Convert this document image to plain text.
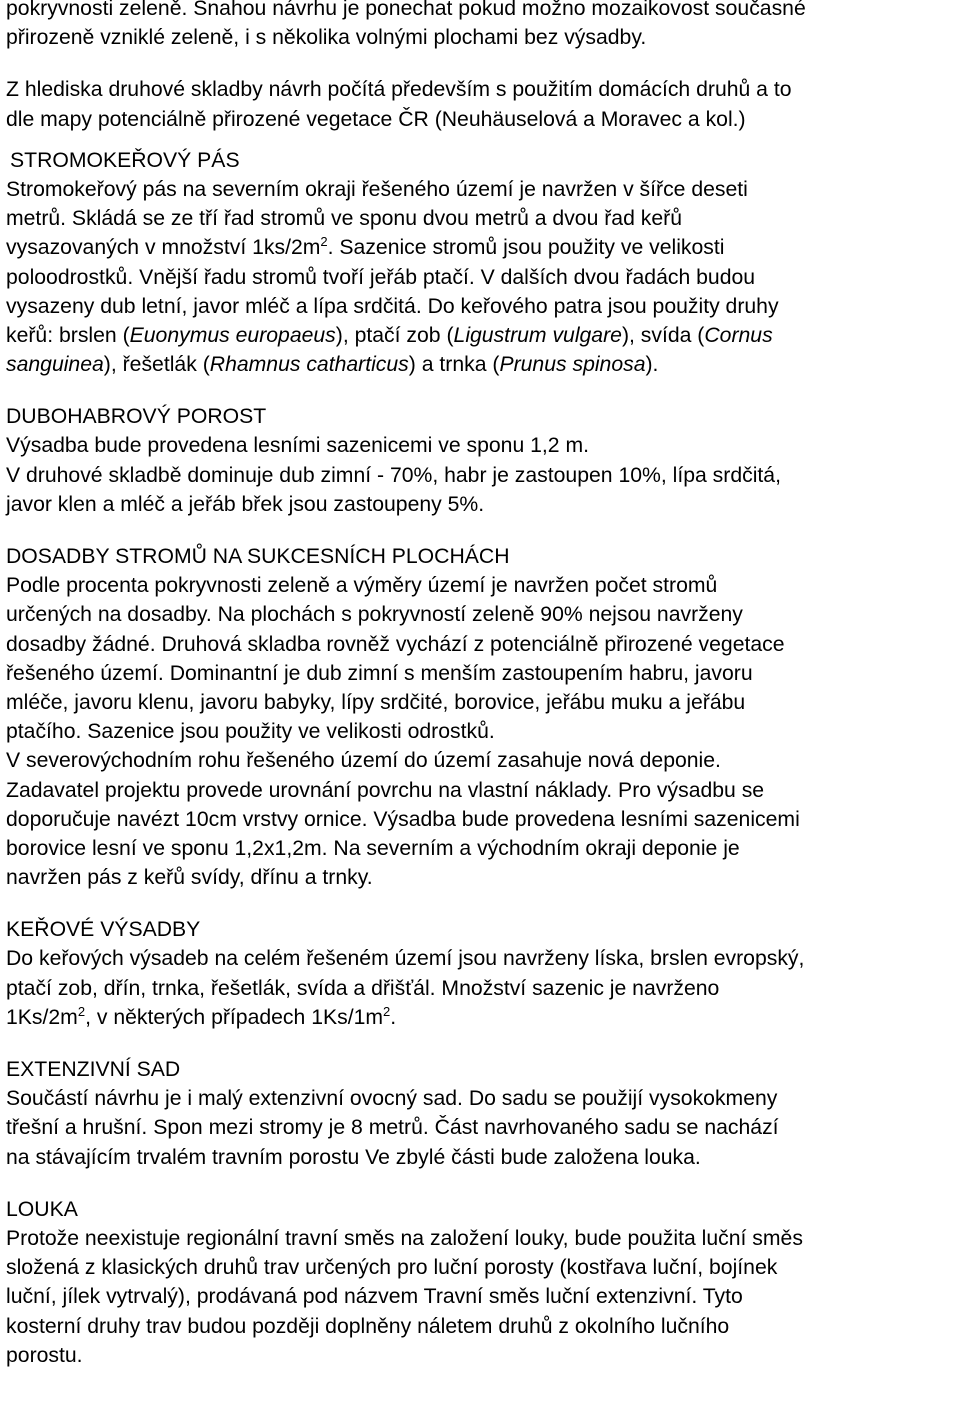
pokryvnosti zeleně. Snahou návrhu je ponechat pokud možno mozaikovost současné
přirozeně vzniklé zeleně, i s několika volnými plochami bez výsadby.
Z hlediska druhové skladby návrh počítá především s použitím domácích druhů a to
dle mapy potenciálně přirozené vegetace ČR (Neuhäuselová a Moravec a kol.)
STROMOKEŘOVÝ PÁS
Stromokeřový pás na severním okraji řešeného území je navržen v šířce deseti
metrů. Skládá se ze tří řad stromů ve sponu dvou metrů a dvou řad keřů
vysazovaných v množství $1ks/2m^2$. Sazenice stromů jsou použity ve velikosti
poloodrostků. Vnější řadu stromů tvoří jeřáb ptačí. V dalších dvou řadách budou
vysazeny dub letní, javor mléč a lípa srdčitá. Do keřového patra jsou použity druhy
keřů: brslen (Euonymus europaeus), ptačí zob (Ligustrum vulgare), svída (Cornus
sanguinea), řešetlák (Rhamnus catharticus) a trnka (Prunus spinosa).
DUBOHABROVÝ POROST
Výsadba bude provedena lesními sazenicemi ve sponu 1,2 m.
V druhové skladbě dominuje dub zimní - 70%, habr je zastoupen 10%, lípa srdčitá,
javor klen a mléč a jeřáb břek jsou zastoupeny 5%.
DOSADBY STROMŮ NA SUKCESNÍCH PLOCHÁCH
Podle procenta pokryvnosti zeleně a výměry území je navržen počet stromů
určených na dosadby. Na plochách s pokryvností zeleně 90% nejsou navrženy
dosadby žádné. Druhová skladba rovněž vychází z potenciálně přirozené vegetace
řešeného území. Dominantní je dub zimní s menším zastoupením habru, javoru
mléče, javoru klenu, javoru babyky, lípy srdčité, borovice, jeřábu muku a jeřábu
ptačího. Sazenice jsou použity ve velikosti odrostků.
V severovýchodním rohu řešeného území do území zasahuje nová deponie.
Zadavatel projektu provede urovnání povrchu na vlastní náklady. Pro výsadbu se
doporučuje navézt 10cm vrstvy ornice. Výsadba bude provedena lesními sazenicemi
borovice lesní ve sponu 1,2x1,2m. Na severním a východním okraji deponie je
navržen pás z keřů svídy, dřínu a trnky.
KEŘOVÉ VÝSADBY
Do keřových výsadeb na celém řešeném území jsou navrženy líska, brslen evropský,
ptačí zob, dřín, trnka, řešetlák, svída a dřišťál. Množství sazenic je navrženo
$1Ks/2m^2$, v některých případech $1Ks/1m^2$.
EXTENZIVNÍ SAD
Součástí návrhu je i malý extenzivní ovocný sad. Do sadu se použijí vysokokmeny
třešní a hrušní. Spon mezi stromy je 8 metrů. Část navrhovaného sadu se nachází
na stávajícím trvalém travním porostu Ve zbylé části bude založena louka.
LOUKA
Protože neexistuje regionální travní směs na založení louky, bude použita luční směs
složená z klasických druhů trav určených pro luční porosty (kostřava luční, bojínek
luční, jílek vytrvalý), prodávaná pod názvem Travní směs luční extenzivní. Tyto
kosterní druhy trav budou později doplněny náletem druhů z okolního lučního
porostu.
